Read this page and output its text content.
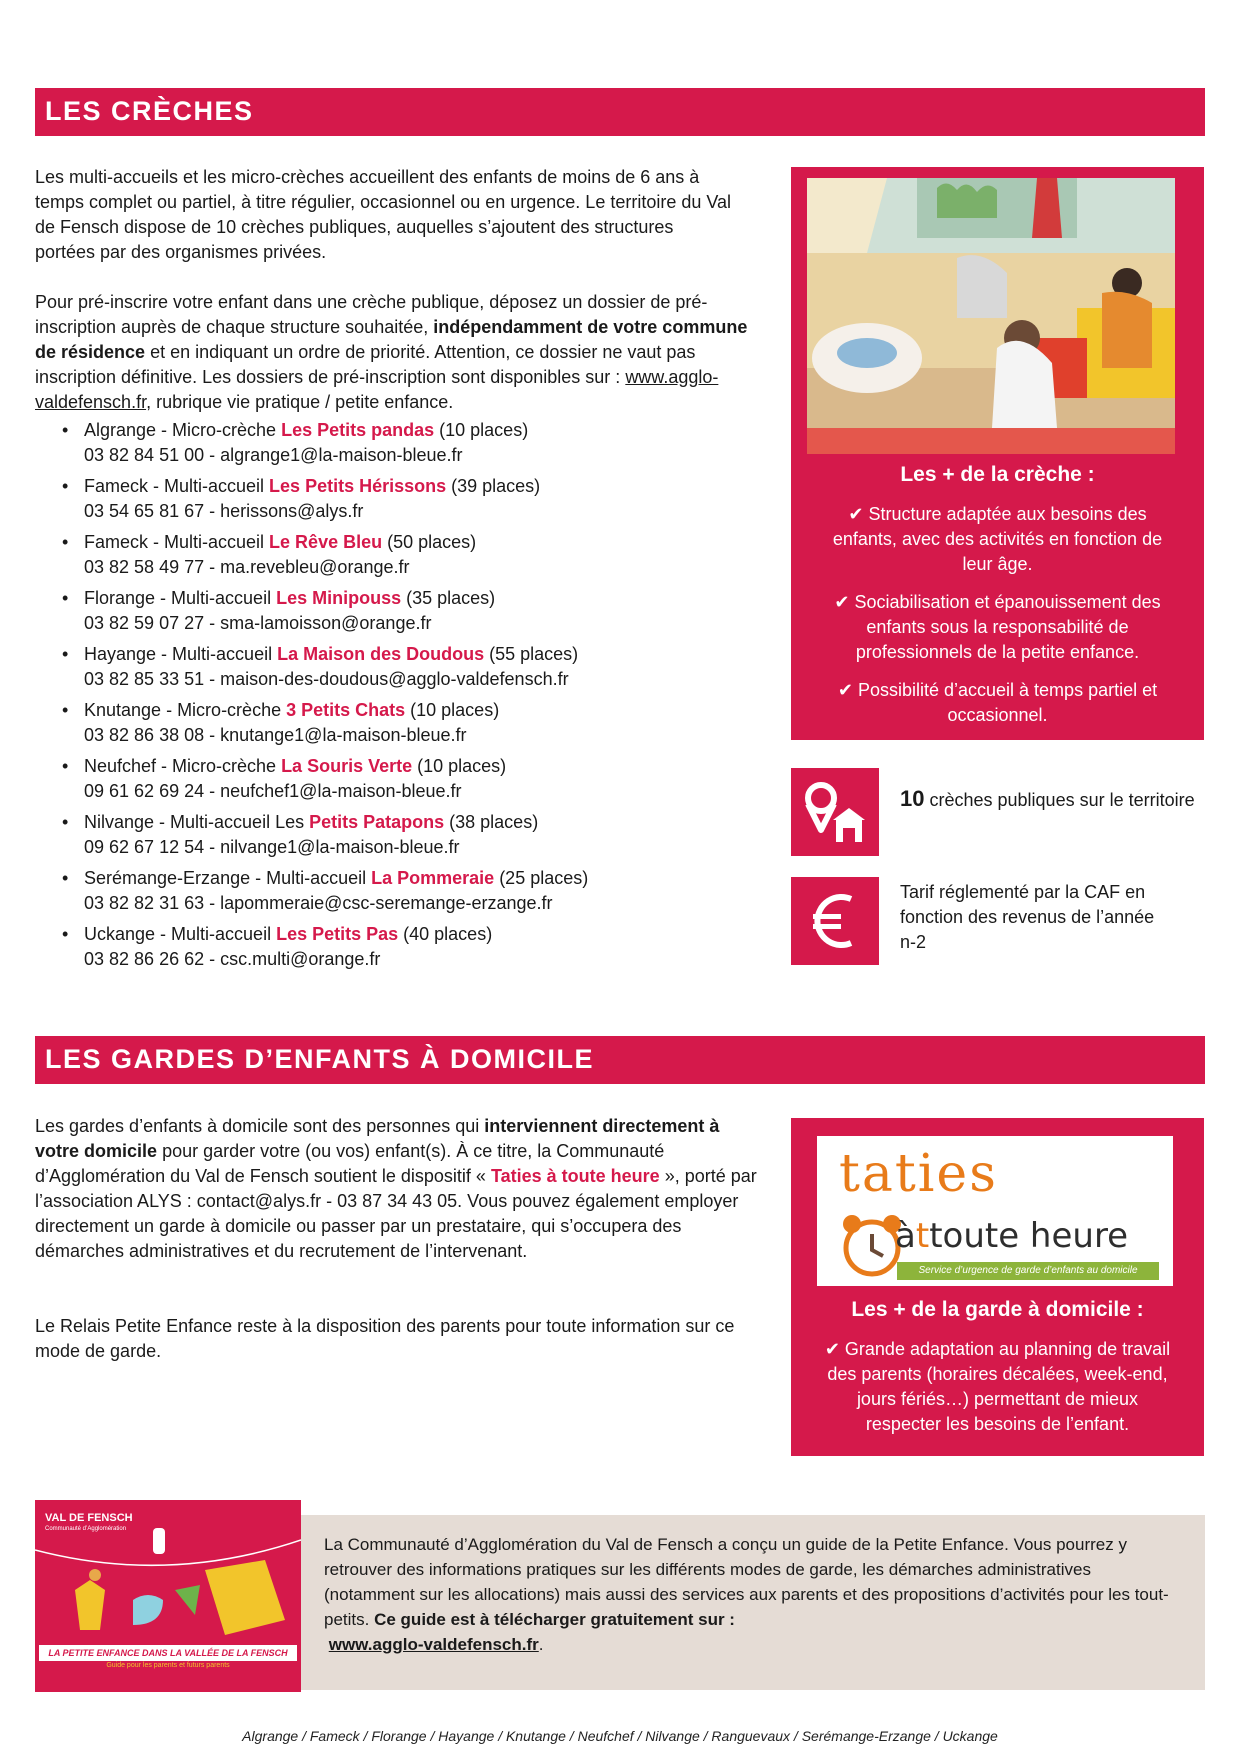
LES CRÈCHES

Les multi-accueils et les micro-crèches accueillent des enfants de moins de 6 ans à temps complet ou partiel, à titre régulier, occasionnel ou en urgence. Le territoire du Val de Fensch dispose de 10 crèches publiques, auquelles s’ajoutent des structures portées par des organismes privées.

Pour pré-inscrire votre enfant dans une crèche publique, déposez un dossier de pré-inscription auprès de chaque structure souhaitée, indépendamment de votre commune de résidence et en indiquant un ordre de priorité. Attention, ce dossier ne vaut pas inscription définitive. Les dossiers de pré-inscription sont disponibles sur : www.agglo-valdefensch.fr, rubrique vie pratique / petite enfance.

• Algrange - Micro-crèche Les Petits pandas (10 places)
03 82 84 51 00 - algrange1@la-maison-bleue.fr
• Fameck - Multi-accueil Les Petits Hérissons (39 places)
03 54 65 81 67 - herissons@alys.fr
• Fameck - Multi-accueil Le Rêve Bleu (50 places)
03 82 58 49 77 - ma.revebleu@orange.fr
• Florange - Multi-accueil Les Minipouss (35 places)
03 82 59 07 27 - sma-lamoisson@orange.fr
• Hayange - Multi-accueil La Maison des Doudous (55 places)
03 82 85 33 51 - maison-des-doudous@agglo-valdefensch.fr
• Knutange - Micro-crèche 3 Petits Chats (10 places)
03 82 86 38 08 - knutange1@la-maison-bleue.fr
• Neufchef - Micro-crèche La Souris Verte (10 places)
09 61 62 69 24 - neufchef1@la-maison-bleue.fr
• Nilvange - Multi-accueil Les Petits Patapons (38 places)
09 62 67 12 54 - nilvange1@la-maison-bleue.fr
• Serémange-Erzange - Multi-accueil La Pommeraie (25 places)
03 82 82 31 63 - lapommeraie@csc-seremange-erzange.fr
• Uckange - Multi-accueil Les Petits Pas (40 places)
03 82 86 26 62 - csc.multi@orange.fr
Les + de la crèche :

✔ Structure adaptée aux besoins des enfants, avec des activités en fonction de leur âge.

✔ Sociabilisation et épanouissement des enfants sous la responsabilité de professionnels de la petite enfance.

✔ Possibilité d’accueil à temps partiel et occasionnel.

10 crèches publiques sur le territoire
Tarif réglementé par la CAF en fonction des revenus de l’année n-2
LES GARDES D’ENFANTS À DOMICILE

Les gardes d’enfants à domicile sont des personnes qui interviennent directement à votre domicile pour garder votre (ou vos) enfant(s). À ce titre, la Communauté d’Agglomération du Val de Fensch soutient le dispositif « Taties à toute heure », porté par l’association ALYS : contact@alys.fr - 03 87 34 43 05. Vous pouvez également employer directement un garde à domicile ou passer par un prestataire, qui s’occupera des démarches administratives et du recrutement de l’intervenant.

Le Relais Petite Enfance reste à la disposition des parents pour toute information sur ce mode de garde.

taties
àttoute heure
Service d’urgence de garde d’enfants au domicile
Les + de la garde à domicile :

✔ Grande adaptation au planning de travail des parents (horaires décalées, week-end, jours fériés…) permettant de mieux respecter les besoins de l’enfant.

VAL DE FENSCH
Communauté d’Agglomération
LA PETITE ENFANCE DANS LA VALLÉE DE LA FENSCH
Guide pour les parents et futurs parents

La Communauté d’Agglomération du Val de Fensch a conçu un guide de la Petite Enfance. Vous pourrez y retrouver des informations pratiques sur les différents modes de garde, les démarches administratives (notamment sur les allocations) mais aussi des services aux parents et des propositions d’activités pour les tout-petits. Ce guide est à télécharger gratuitement sur :
www.agglo-valdefensch.fr.

Algrange / Fameck / Florange / Hayange / Knutange / Neufchef / Nilvange / Ranguevaux / Serémange-Erzange / Uckange
